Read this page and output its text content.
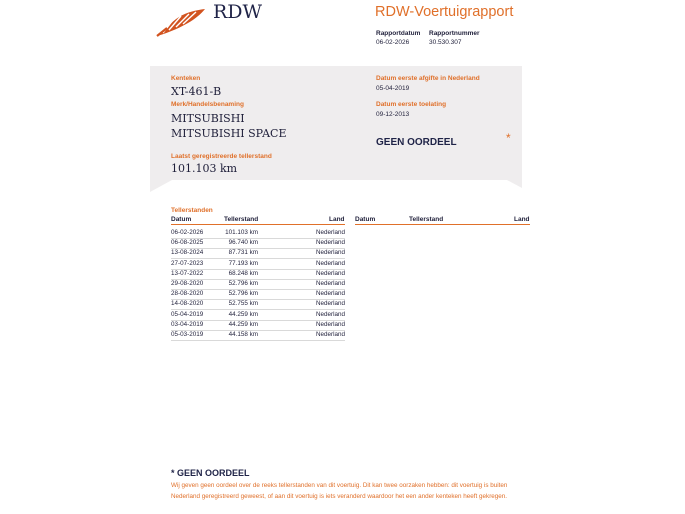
RDW	RDW-Voertuigrapport
Rapportdatum Rapportnummer
06-02-2026	30.530.307
Kenteken
XT-461-B
Merk/Handelsbenaming
MITSUBISHI
MITSUBISHI SPACE
Laatst geregistreerde tellerstand
101.103 km
Datum eerste afgifte in Nederland
05-04-2019
Datum eerste toelating
09-12-2013
GEEN OORDEEL	*
Tellerstanden
Datum	Tellerstand	Land Datum	Tellerstand	Land
06-02-2026	101.103 km	Nederland
06-08-2025	96.740 km	Nederland
13-08-2024	87.731 km	Nederland
27-07-2023	77.193 km	Nederland
13-07-2022	68.248 km	Nederland
29-08-2020	52.796 km	Nederland
28-08-2020	52.796 km	Nederland
14-08-2020	52.755 km	Nederland
05-04-2019	44.259 km	Nederland
03-04-2019	44.259 km	Nederland
05-03-2019	44.158 km	Nederland
* GEEN OORDEEL
Wij geven geen oordeel over de reeks tellerstanden van dit voertuig. Dit kan twee oorzaken hebben: dit voertuig is buiten Nederland geregistreerd geweest, of aan dit voertuig is iets veranderd waardoor het een ander kenteken heeft gekregen.
